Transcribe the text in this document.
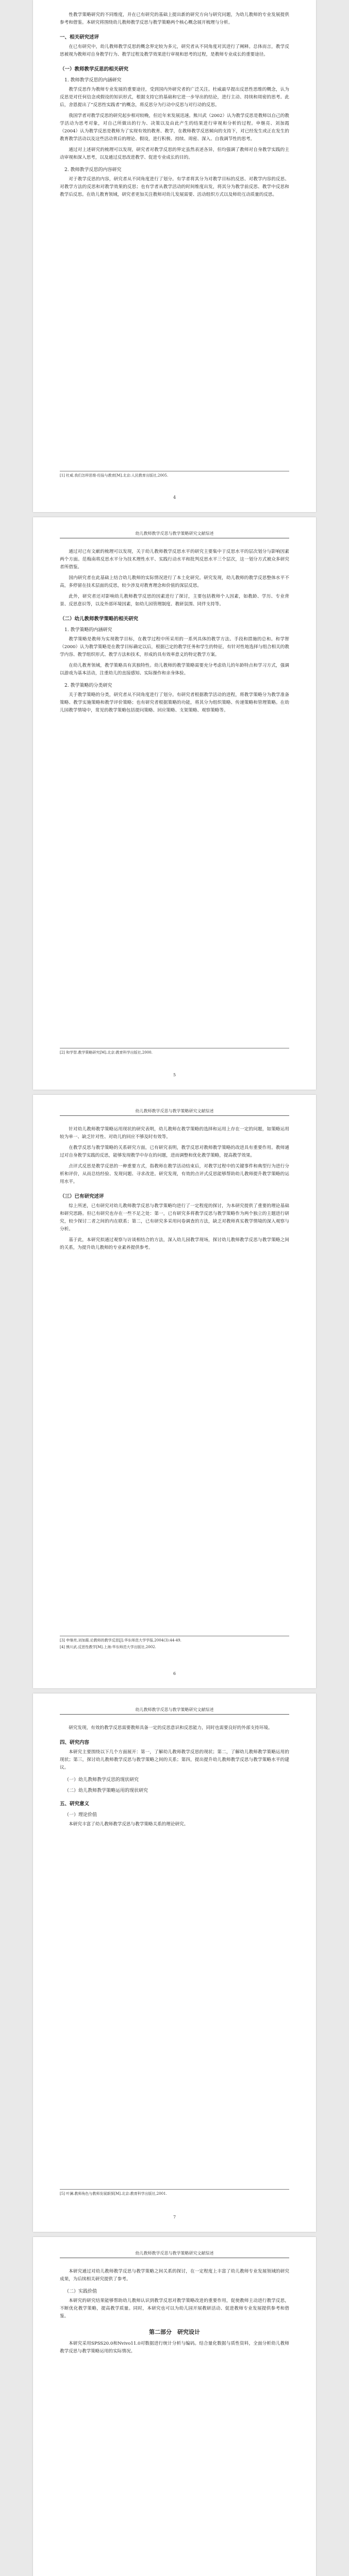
性教学策略研究的不同维度，并在已有研究的基础上提出新的研究方向与研究问题，为幼儿教师的专业发展提供参考和借鉴。本研究将围绕幼儿教师教学反思与教学策略两个核心概念展开梳理与分析。

一、相关研究述评

在已有研究中，幼儿教师教学反思的概念界定较为多元，研究者从不同角度对其进行了阐释。总体而言，教学反思被视为教师对自身教学行为、教学过程及教学效果进行审视和思考的过程，是教师专业成长的重要途径。

（一）教师教学反思的相关研究
1. 教师教学反思的内涵研究

教学反思作为教师专业发展的重要途径，受到国内外研究者的广泛关注。杜威最早提出反思性思维的概念，认为反思是对任何信念或假设的知识形式，根据支持它的基础和它进一步导出的结论，进行主动、持续和周密的思考。此后，舍恩提出了“反思性实践者”的概念，将反思分为行动中反思与对行动的反思。

我国学者对教学反思的研究起步相对较晚，但近年来发展迅速。熊川武（2002）认为教学反思是教师以自己的教学活动为思考对象，对自己所做出的行为、决策以及由此产生的结果进行审视和分析的过程。申继亮、刘加霞（2004）认为教学反思是教师为了实现有效的教育、教学，在教师教学反思倾向的支持下，对已经发生或正在发生的教育教学活动以及这些活动背后的理论、假设，进行积极、持续、周密、深入、自我调节性的思考。

通过对上述研究的梳理可以发现，研究者对教学反思的界定虽然表述各异，但均强调了教师对自身教学实践的主动审视和深入思考，以及通过反思改进教学、促进专业成长的目的。

2. 教师教学反思的内容研究

对于教学反思的内容，研究者从不同角度进行了划分。有学者将其分为对教学目标的反思、对教学内容的反思、对教学方法的反思和对教学效果的反思；也有学者从教学活动的时间维度出发，将其分为教学前反思、教学中反思和教学后反思。在幼儿教育领域，研究者更加关注教师对幼儿发展需要、活动组织方式以及师幼互动质量的反思。

[1] 杜威.我们怎样思维·经验与教育[M].北京:人民教育出版社,2005.
4
幼儿教师教学反思与教学策略研究文献综述

通过对已有文献的梳理可以发现，关于幼儿教师教学反思水平的研究主要集中于反思水平的层次划分与影响因素两个方面。范梅南将反思水平分为技术理性水平、实践行动水平和批判反思水平三个层次，这一划分方式被众多研究者所借鉴。

国内研究者在此基础上结合幼儿教师的实际情况进行了本土化研究。研究发现，幼儿教师的教学反思整体水平不高，多停留在技术层面的反思，较少涉及对教育理念和价值的深层反思。

此外，研究者还对影响幼儿教师教学反思的因素进行了探讨，主要包括教师个人因素，如教龄、学历、专业背景、反思意识等，以及外部环境因素，如幼儿园管理制度、教研氛围、同伴支持等。

（二）幼儿教师教学策略的相关研究
1. 教学策略的内涵研究

教学策略是教师为实现教学目标，在教学过程中所采用的一系列具体的教学方法、手段和措施的总和。和学智（2000）认为教学策略是在教学目标确定以后，根据已定的教学任务和学生的特征，有针对性地选择与组合相关的教学内容、教学组织形式、教学方法和技术，形成的具有效率意义的特定教学方案。

在幼儿教育领域，教学策略具有其独特性。幼儿教师的教学策略需要充分考虑幼儿的年龄特点和学习方式，强调以游戏为基本活动，注重幼儿的直接感知、实际操作和亲身体验。

2. 教学策略的分类研究

关于教学策略的分类，研究者从不同角度进行了划分。有研究者根据教学活动的进程，将教学策略分为教学准备策略、教学实施策略和教学评价策略；也有研究者根据策略的功能，将其分为组织策略、传递策略和管理策略。在幼儿园教学情境中，常见的教学策略包括提问策略、回应策略、支架策略、观察策略等。

[2] 和学智.教学策略研究[M].北京:教育科学出版社,2000.
5
幼儿教师教学反思与教学策略研究文献综述

针对幼儿教师教学策略运用现状的研究表明，幼儿教师在教学策略的选择和运用上存在一定的问题，如策略运用较为单一、缺乏针对性、对幼儿的回应不够及时有效等。

在教学反思与教学策略的关系研究方面，已有研究表明，教学反思对教师教学策略的改进具有重要作用。教师通过对自身教学实践的反思，能够发现教学中存在的问题，进而调整和优化教学策略，提高教学效果。

点评式反思是教学反思的一种重要方式，指教师在教学活动结束后，对教学过程中的关键事件和典型行为进行分析和评价，从而总结经验、发现问题、寻求改进。研究发现，有效的点评式反思能够帮助幼儿教师提升教学策略的运用水平。

（三）已有研究述评

综上所述，已有研究对幼儿教师教学反思与教学策略均进行了一定程度的探讨，为本研究提供了重要的理论基础和研究思路。但已有研究也存在一些不足之处：第一，已有研究多将教学反思与教学策略作为两个独立的主题进行研究，较少探讨二者之间的内在联系；第二，已有研究多采用问卷调查的方法，缺乏对教师真实教学情境的深入观察与分析。

基于此，本研究拟通过观察与访谈相结合的方法，深入幼儿园教学现场，探讨幼儿教师教学反思与教学策略之间的关系，为提升幼儿教师的专业素养提供参考。

[3] 申继亮,刘加霞.论教师的教学反思[J].华东师范大学学报,2004(3):44-49.
[4] 熊川武.反思性教学[M].上海:华东师范大学出版社,2002.
6
幼儿教师教学反思与教学策略研究文献综述

研究发现，有效的教学反思需要教师具备一定的反思意识和反思能力，同时也需要良好的外部支持环境。

四、研究内容

本研究主要围绕以下几个方面展开：第一，了解幼儿教师教学反思的现状；第二，了解幼儿教师教学策略运用的现状；第三，探讨幼儿教师教学反思与教学策略之间的关系；第四，提出提升幼儿教师教学反思与教学策略水平的建议。

（一）幼儿教师教学反思的现状研究
（二）幼儿教师教学策略运用的现状研究
五、研究意义
（一）理论价值

本研究丰富了幼儿教师教学反思与教学策略关系的理论研究。

[5] 叶澜.教师角色与教师发展新探[M].北京:教育科学出版社,2001.
7
幼儿教师教学反思与教学策略研究文献综述

本研究通过对幼儿教师教学反思与教学策略之间关系的探讨，在一定程度上丰富了幼儿教师专业发展领域的研究成果，为后续相关研究提供了参考。

（二）实践价值

本研究的研究结果能够帮助幼儿教师认识到教学反思对教学策略改进的重要作用，促使教师主动进行教学反思，不断优化教学策略，提高教学质量。同时，本研究也可以为幼儿园开展教研活动、促进教师专业发展提供参考和借鉴。

第二部分　研究设计

本研究采用SPSS20.0和Nvivo11.0对数据进行统计分析与编码。结合量化数据与质性资料，全面分析幼儿教师教学反思与教学策略运用的实际情况。
